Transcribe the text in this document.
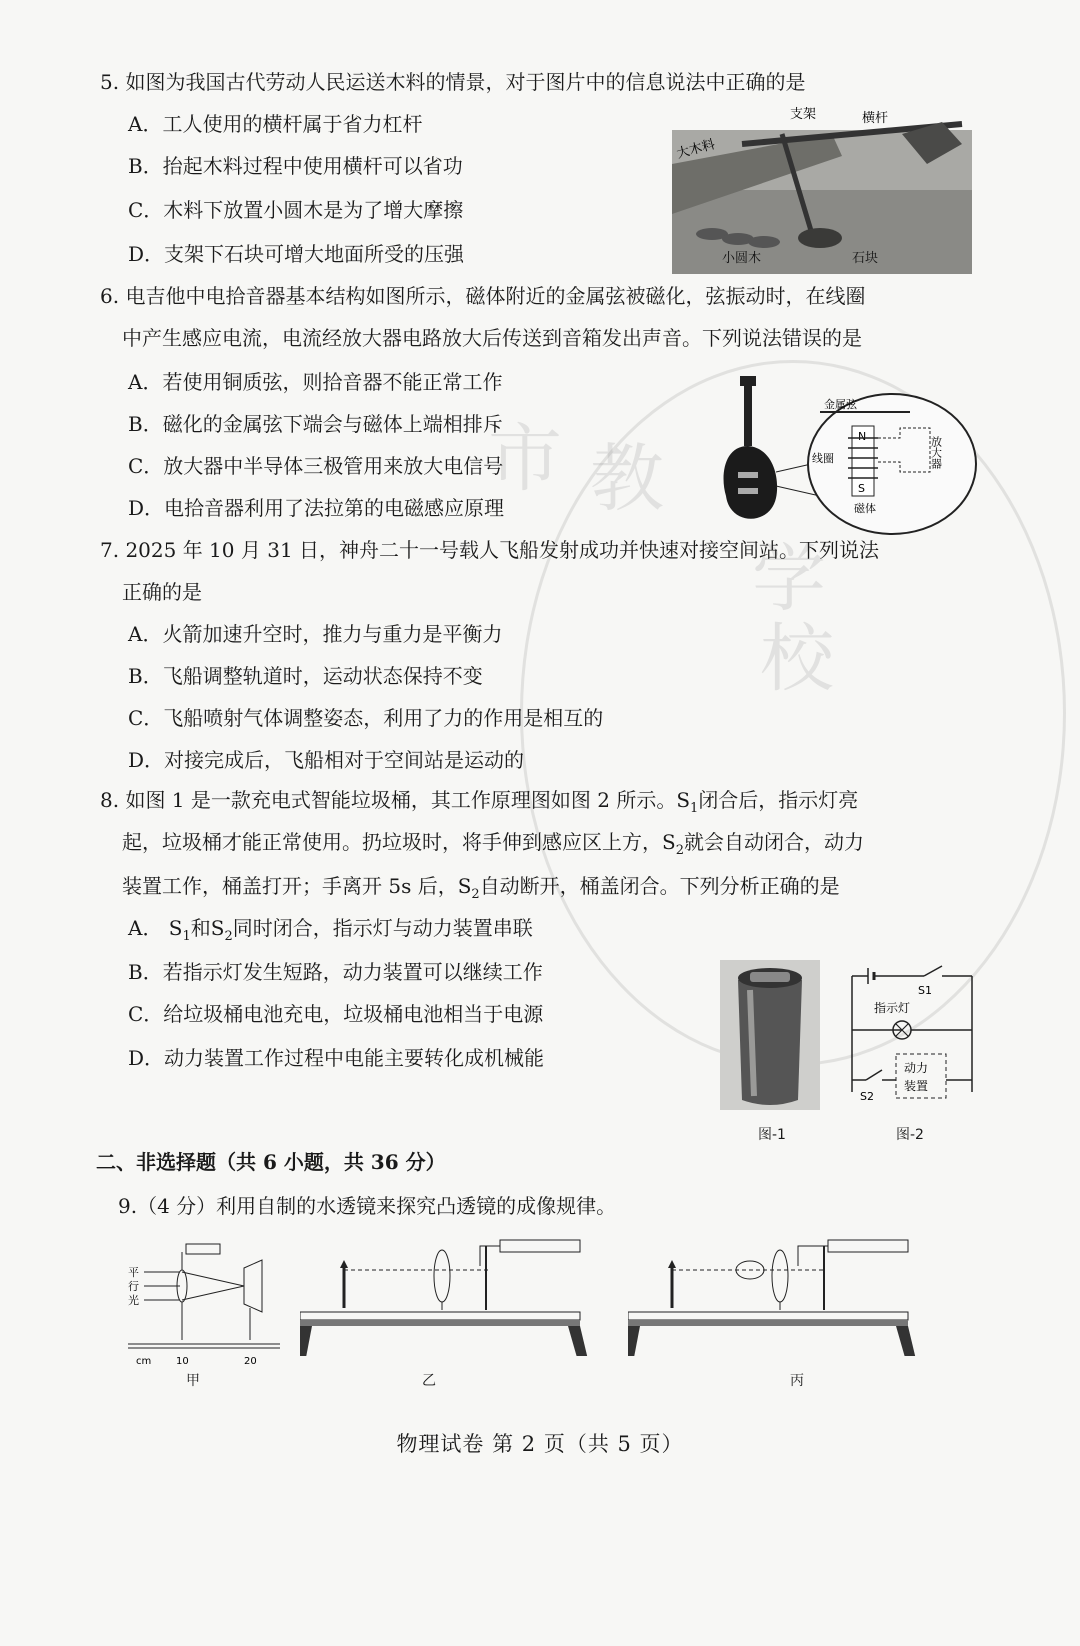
市 教
学
校
5. 如图为我国古代劳动人民运送木料的情景，对于图片中的信息说法中正确的是
A．工人使用的横杆属于省力杠杆
B．抬起木料过程中使用横杆可以省功
C．木料下放置小圆木是为了增大摩擦
D．支架下石块可增大地面所受的压强
支架	横杆
大木料
小圆木	石块
6. 电吉他中电拾音器基本结构如图所示，磁体附近的金属弦被磁化，弦振动时，在线圈
中产生感应电流，电流经放大器电路放大后传送到音箱发出声音。下列说法错误的是
A．若使用铜质弦，则拾音器不能正常工作
B．磁化的金属弦下端会与磁体上端相排斥
C．放大器中半导体三极管用来放大电信号
D．电拾音器利用了法拉第的电磁感应原理
金属弦
N
S
线圈
磁体
放大器
7. 2025 年 10 月 31 日，神舟二十一号载人飞船发射成功并快速对接空间站。下列说法
正确的是
A．火箭加速升空时，推力与重力是平衡力
B．飞船调整轨道时，运动状态保持不变
C．飞船喷射气体调整姿态，利用了力的作用是相互的
D．对接完成后，飞船相对于空间站是运动的
8. 如图 1 是一款充电式智能垃圾桶，其工作原理图如图 2 所示。$S_1$闭合后，指示灯亮
起，垃圾桶才能正常使用。扔垃圾时，将手伸到感应区上方，$S_2$就会自动闭合，动力
装置工作，桶盖打开；手离开 5s 后，$S_2$自动断开，桶盖闭合。下列分析正确的是
A． $S_1$和$S_2$同时闭合，指示灯与动力装置串联
B．若指示灯发生短路，动力装置可以继续工作
C．给垃圾桶电池充电，垃圾桶电池相当于电源
D．动力装置工作过程中电能主要转化成机械能
图-1
S1
指示灯
S2
动力
装置
图-2
二、非选择题（共 6 小题，共 36 分）
9.（4 分）利用自制的水透镜来探究凸透镜的成像规律。
平
行
光
cm 10	20
甲	乙	丙
物理试卷 第 2 页（共 5 页）
